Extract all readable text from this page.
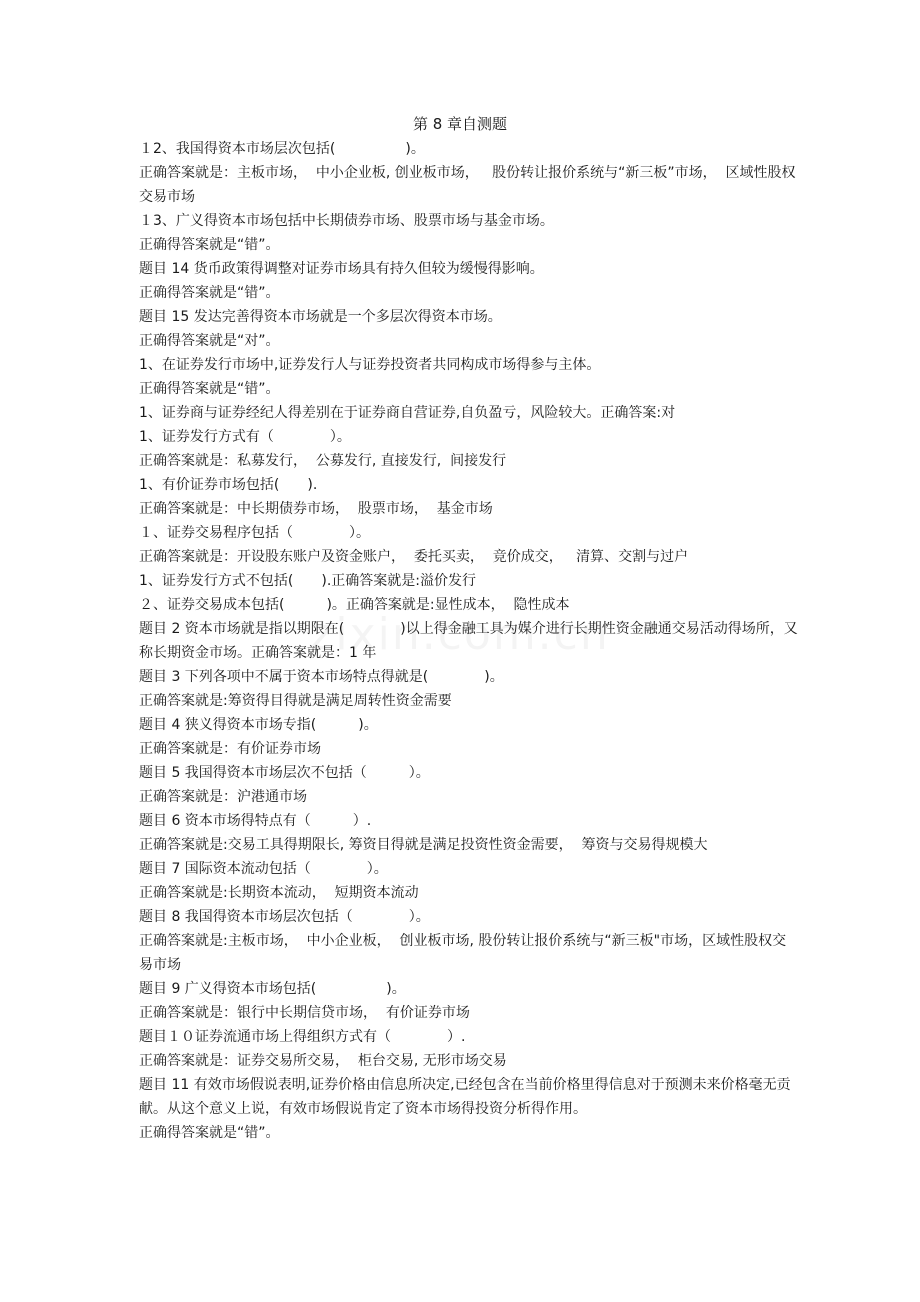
第 8 章自测题
１2、我国得资本市场层次包括(　　　　　)。
正确答案就是：主板市场，  中小企业板, 创业板市场，   股份转让报价系统与“新三板”市场，  区域性股权交易市场
１3、广义得资本市场包括中长期债券市场、股票市场与基金市场。
正确得答案就是“错”。
题目 14 货币政策得调整对证券市场具有持久但较为缓慢得影响。
正确得答案就是“错”。
题目 15 发达完善得资本市场就是一个多层次得资本市场。
正确得答案就是“对”。
1、在证券发行市场中,证券发行人与证券投资者共同构成市场得参与主体。
正确得答案就是“错”。
1、证券商与证券经纪人得差别在于证券商自营证券,自负盈亏，风险较大。正确答案:对
1、证券发行方式有（　　　　）。
正确答案就是：私募发行，  公募发行, 直接发行,  间接发行
1、有价证券市场包括(　　).
正确答案就是：中长期债券市场，  股票市场，  基金市场
１、证券交易程序包括（　　　　）。
正确答案就是：开设股东账户及资金账户，  委托买卖，  竞价成交，   清算、交割与过户
1、证券发行方式不包括(　　).正确答案就是:溢价发行
２、证券交易成本包括(　　　)。正确答案就是:显性成本，  隐性成本
题目 2 资本市场就是指以期限在(　　　　)以上得金融工具为媒介进行长期性资金融通交易活动得场所，又称长期资金市场。正确答案就是：1 年
题目 3 下列各项中不属于资本市场特点得就是(　　　　)。
正确答案就是:筹资得目得就是满足周转性资金需要
题目 4 狭义得资本市场专指(　　　)。
正确答案就是：有价证券市场
题目 5 我国得资本市场层次不包括（　　　）。
正确答案就是：沪港通市场
题目 6 资本市场得特点有（　　　）.
正确答案就是:交易工具得期限长, 筹资目得就是满足投资性资金需要，  筹资与交易得规模大
题目 7 国际资本流动包括（　　　　）。
正确答案就是:长期资本流动，  短期资本流动
题目 8 我国得资本市场层次包括（　　　　）。
正确答案就是:主板市场，  中小企业板，  创业板市场, 股份转让报价系统与“新三板"市场，区域性股权交易市场
题目 9 广义得资本市场包括(　　　　　)。
正确答案就是：银行中长期信贷市场，  有价证券市场
题目１０证券流通市场上得组织方式有（　　　　）.
正确答案就是：证券交易所交易，  柜台交易, 无形市场交易
题目 11 有效市场假说表明,证券价格由信息所决定,已经包含在当前价格里得信息对于预测未来价格毫无贡献。从这个意义上说，有效市场假说肯定了资本市场得投资分析得作用。
正确得答案就是“错”。
